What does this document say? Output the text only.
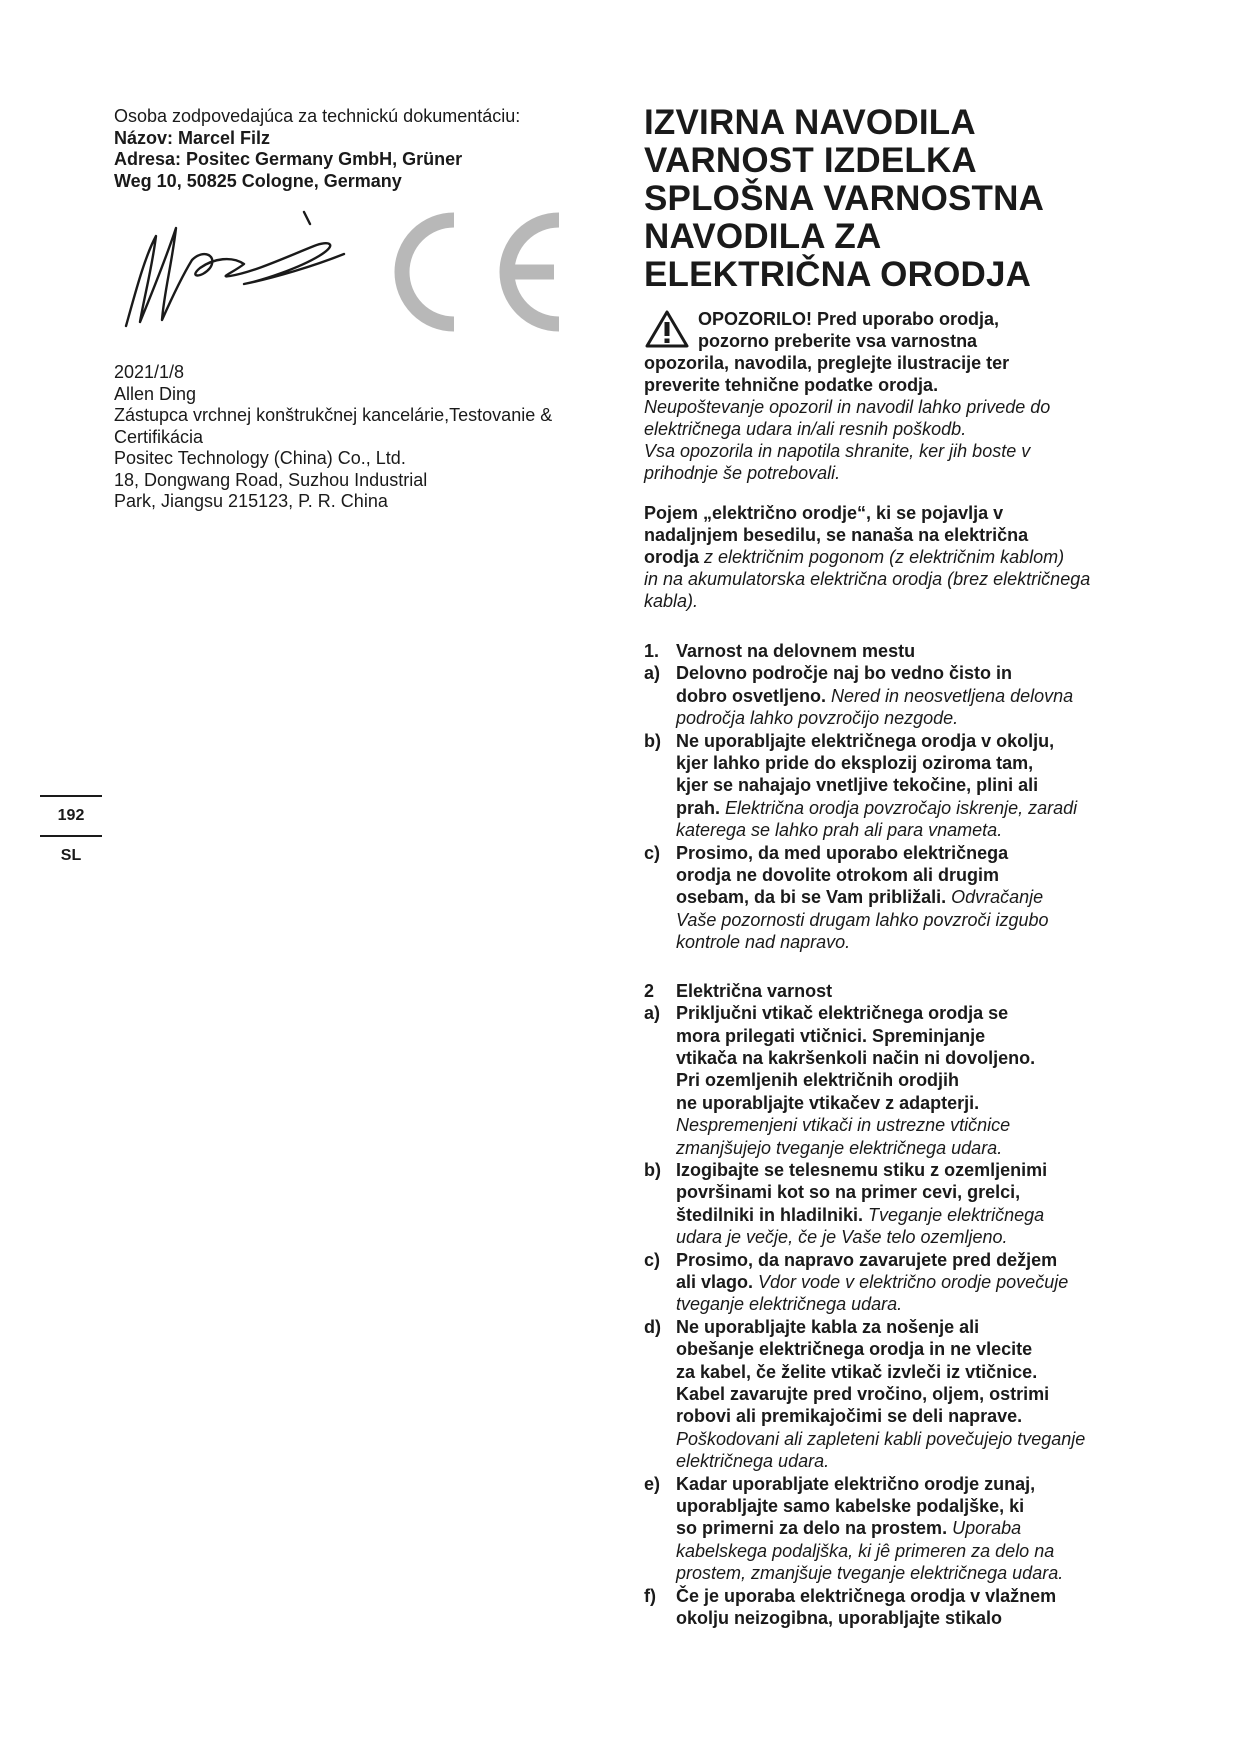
Osoba zodpovedajúca za technickú dokumentáciu:
Názov: Marcel Filz
Adresa: Positec Germany GmbH, Grüner
Weg 10, 50825 Cologne, Germany
2021/1/8
Allen Ding
Zástupca vrchnej konštrukčnej kancelárie,Testovanie &
Certifikácia
Positec Technology (China) Co., Ltd.
18, Dongwang Road, Suzhou Industrial
Park, Jiangsu 215123, P. R. China
192
SL
IZVIRNA NAVODILA
VARNOST IZDELKA
SPLOŠNA VARNOSTNA
NAVODILA ZA
ELEKTRIČNA ORODJA
OPOZORILO! Pred uporabo orodja,
pozorno preberite vsa varnostna
opozorila, navodila, preglejte ilustracije ter
preverite tehnične podatke orodja.
Neupoštevanje opozoril in navodil lahko privede do
električnega udara in/ali resnih poškodb.
Vsa opozorila in napotila shranite, ker jih boste v
prihodnje še potrebovali.
Pojem „električno orodje“, ki se pojavlja v
nadaljnjem besedilu, se nanaša na električna
orodja z električnim pogonom (z električnim kablom)
in na akumulatorska električna orodja (brez električnega
kabla).
1. Varnost na delovnem mestu
a) Delovno področje naj bo vedno čisto in
dobro osvetljeno. Nered in neosvetljena delovna
področja lahko povzročijo nezgode.
b) Ne uporabljajte električnega orodja v okolju,
kjer lahko pride do eksplozij oziroma tam,
kjer se nahajajo vnetljive tekočine, plini ali
prah. Električna orodja povzročajo iskrenje, zaradi
katerega se lahko prah ali para vnameta.
c) Prosimo, da med uporabo električnega
orodja ne dovolite otrokom ali drugim
osebam, da bi se Vam približali. Odvračanje
Vaše pozornosti drugam lahko povzroči izgubo
kontrole nad napravo.
2 Električna varnost
a) Priključni vtikač električnega orodja se
mora prilegati vtičnici. Spreminjanje
vtikača na kakršenkoli način ni dovoljeno.
Pri ozemljenih električnih orodjih
ne uporabljajte vtikačev z adapterji.
Nespremenjeni vtikači in ustrezne vtičnice
zmanjšujejo tveganje električnega udara.
b) Izogibajte se telesnemu stiku z ozemljenimi
površinami kot so na primer cevi, grelci,
štedilniki in hladilniki. Tveganje električnega
udara je večje, če je Vaše telo ozemljeno.
c) Prosimo, da napravo zavarujete pred dežjem
ali vlago. Vdor vode v električno orodje povečuje
tveganje električnega udara.
d) Ne uporabljajte kabla za nošenje ali
obešanje električnega orodja in ne vlecite
za kabel, če želite vtikač izvleči iz vtičnice.
Kabel zavarujte pred vročino, oljem, ostrimi
robovi ali premikajočimi se deli naprave.
Poškodovani ali zapleteni kabli povečujejo tveganje
električnega udara.
e) Kadar uporabljate električno orodje zunaj,
uporabljajte samo kabelske podaljške, ki
so primerni za delo na prostem. Uporaba
kabelskega podaljška, ki jê primeren za delo na
prostem, zmanjšuje tveganje električnega udara.
f) Če je uporaba električnega orodja v vlažnem
okolju neizogibna, uporabljajte stikalo
